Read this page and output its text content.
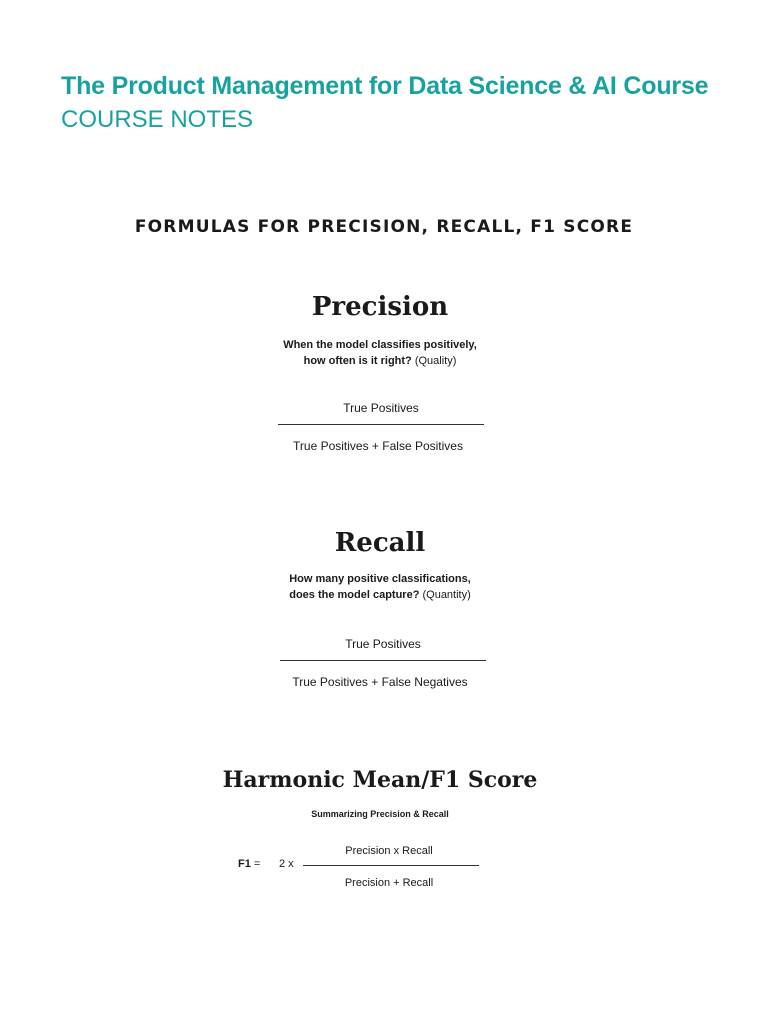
The Product Management for Data Science & AI Course
COURSE NOTES
FORMULAS FOR PRECISION, RECALL, F1 SCORE
Precision
When the model classifies positively,
how often is it right? (Quality)
True Positives
True Positives + False Positives
Recall
How many positive classifications,
does the model capture? (Quantity)
True Positives
True Positives + False Negatives
Harmonic Mean/F1 Score
Summarizing Precision & Recall
F1 = 2 x
Precision x Recall
Precision + Recall
